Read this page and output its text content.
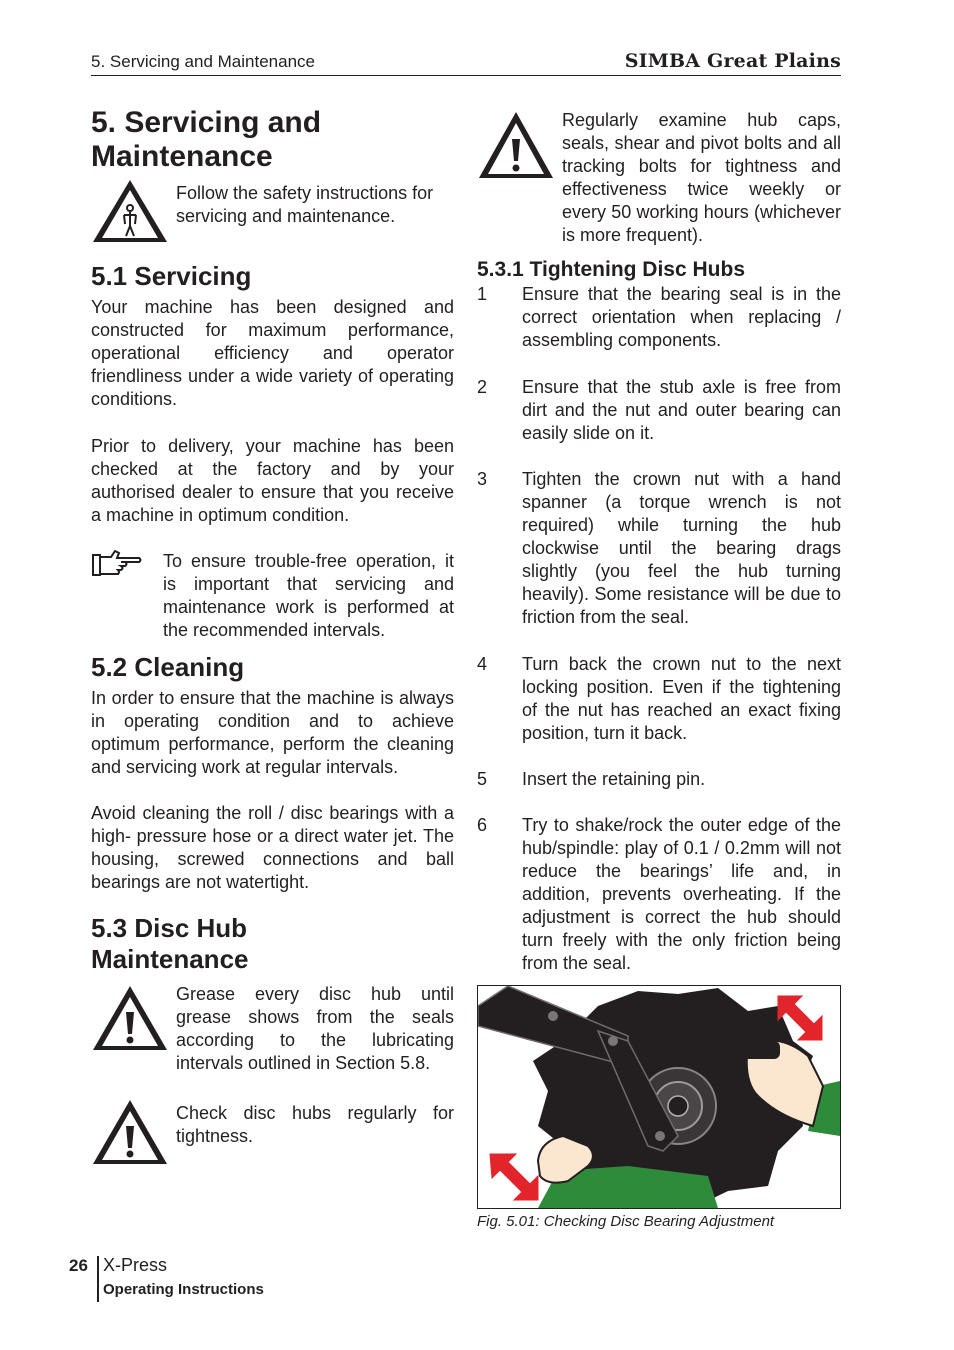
5. Servicing and Maintenance	SIMBA Great Plains
5. Servicing and Maintenance

Follow the safety instructions for servicing and maintenance.

5.1 Servicing

Your machine has been designed and constructed for maximum performance, operational efficiency and operator friendliness under a wide variety of operating conditions.

Prior to delivery, your machine has been checked at the factory and by your authorised dealer to ensure that you receive a machine in optimum condition.

To ensure trouble-free operation, it is important that servicing and maintenance work is performed at the recommended intervals.

5.2 Cleaning

In order to ensure that the machine is always in operating condition and to achieve optimum performance, perform the cleaning and servicing work at regular intervals.

Avoid cleaning the roll / disc bearings with a high- pressure hose or a direct water jet. The housing, screwed connections and ball bearings are not watertight.

5.3 Disc Hub Maintenance

Grease every disc hub until grease shows from the seals according to the lubricating intervals outlined in Section 5.8.

Check disc hubs regularly for tightness.

Regularly examine hub caps, seals, shear and pivot bolts and all tracking bolts for tightness and effectiveness twice weekly or every 50 working hours (whichever is more frequent).

5.3.1 Tightening Disc Hubs
1	Ensure that the bearing seal is in the correct orientation when replacing / assembling components.
2	Ensure that the stub axle is free from dirt and the nut and outer bearing can easily slide on it.
3	Tighten the crown nut with a hand spanner (a torque wrench is not required) while turning the hub clockwise until the bearing drags slightly (you feel the hub turning heavily). Some resistance will be due to friction from the seal.
4	Turn back the crown nut to the next locking position. Even if the tightening of the nut has reached an exact fixing position, turn it back.
5	Insert the retaining pin.
6	Try to shake/rock the outer edge of the hub/spindle: play of 0.1 / 0.2mm will not reduce the bearings’ life and, in addition, prevents overheating. If the adjustment is correct the hub should turn freely with the only friction being from the seal.
Fig. 5.01: Checking Disc Bearing Adjustment
26 X-Press
Operating Instructions
